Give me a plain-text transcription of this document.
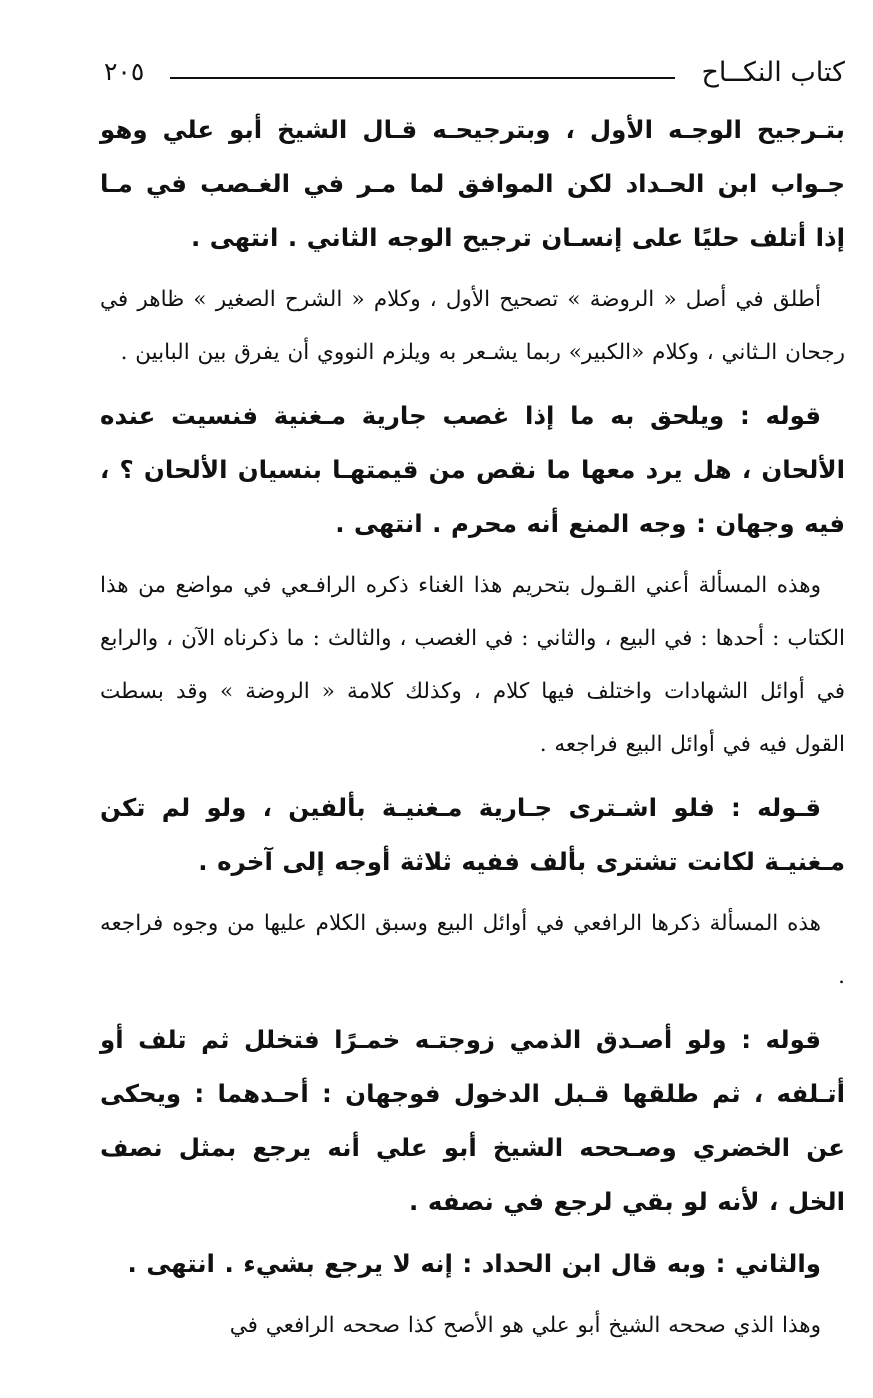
كتاب النكــاح
٢٠٥

بتـرجيح الوجـه الأول ، وبترجيحـه قـال الشيخ أبو علي وهو جـواب ابن الحـداد لكن الموافق لما مـر في الغـصب في مـا إذا أتلف حليًا على إنسـان ترجيح الوجه الثاني . انتهى .

أطلق في أصل « الروضة » تصحيح الأول ، وكلام « الشرح الصغير » ظاهر في رجحان الـثاني ، وكلام «الكبير» ربما يشـعر به ويلزم النووي أن يفرق بين البابين .

قوله : ويلحق به ما إذا غصب جارية مـغنية فنسيت عنده الألحان ، هل يرد معها ما نقص من قيمتهـا بنسيان الألحان ؟ ، فيه وجهان : وجه المنع أنه محرم . انتهى .

وهذه المسألة أعني القـول بتحريم هذا الغناء ذكره الرافـعي في مواضع من هذا الكتاب : أحدها : في البيع ، والثاني : في الغصب ، والثالث : ما ذكرناه الآن ، والرابع في أوائل الشهادات واختلف فيها كلام ، وكذلك كلامة « الروضة » وقد بسطت القول فيه في أوائل البيع فراجعه .

قـوله : فلو اشـترى جـارية مـغنيـة بألفين ، ولو لم تكن مـغنيـة لكانت تشترى بألف ففيه ثلاثة أوجه إلى آخره .

هذه المسألة ذكرها الرافعي في أوائل البيع وسبق الكلام عليها من وجوه فراجعه .

قوله : ولو أصـدق الذمي زوجتـه خمـرًا فتخلل ثم تلف أو أتـلفه ، ثم طلقها قـبل الدخول فوجهان : أحـدهما : ويحكى عن الخضري وصـححه الشيخ أبو علي أنه يرجع بمثل نصف الخل ، لأنه لو بقي لرجع في نصفه .

والثاني : وبه قال ابن الحداد : إنه لا يرجع بشيء . انتهى .

وهذا الذي صححه الشيخ أبو علي هو الأصح كذا صححه الرافعي في
